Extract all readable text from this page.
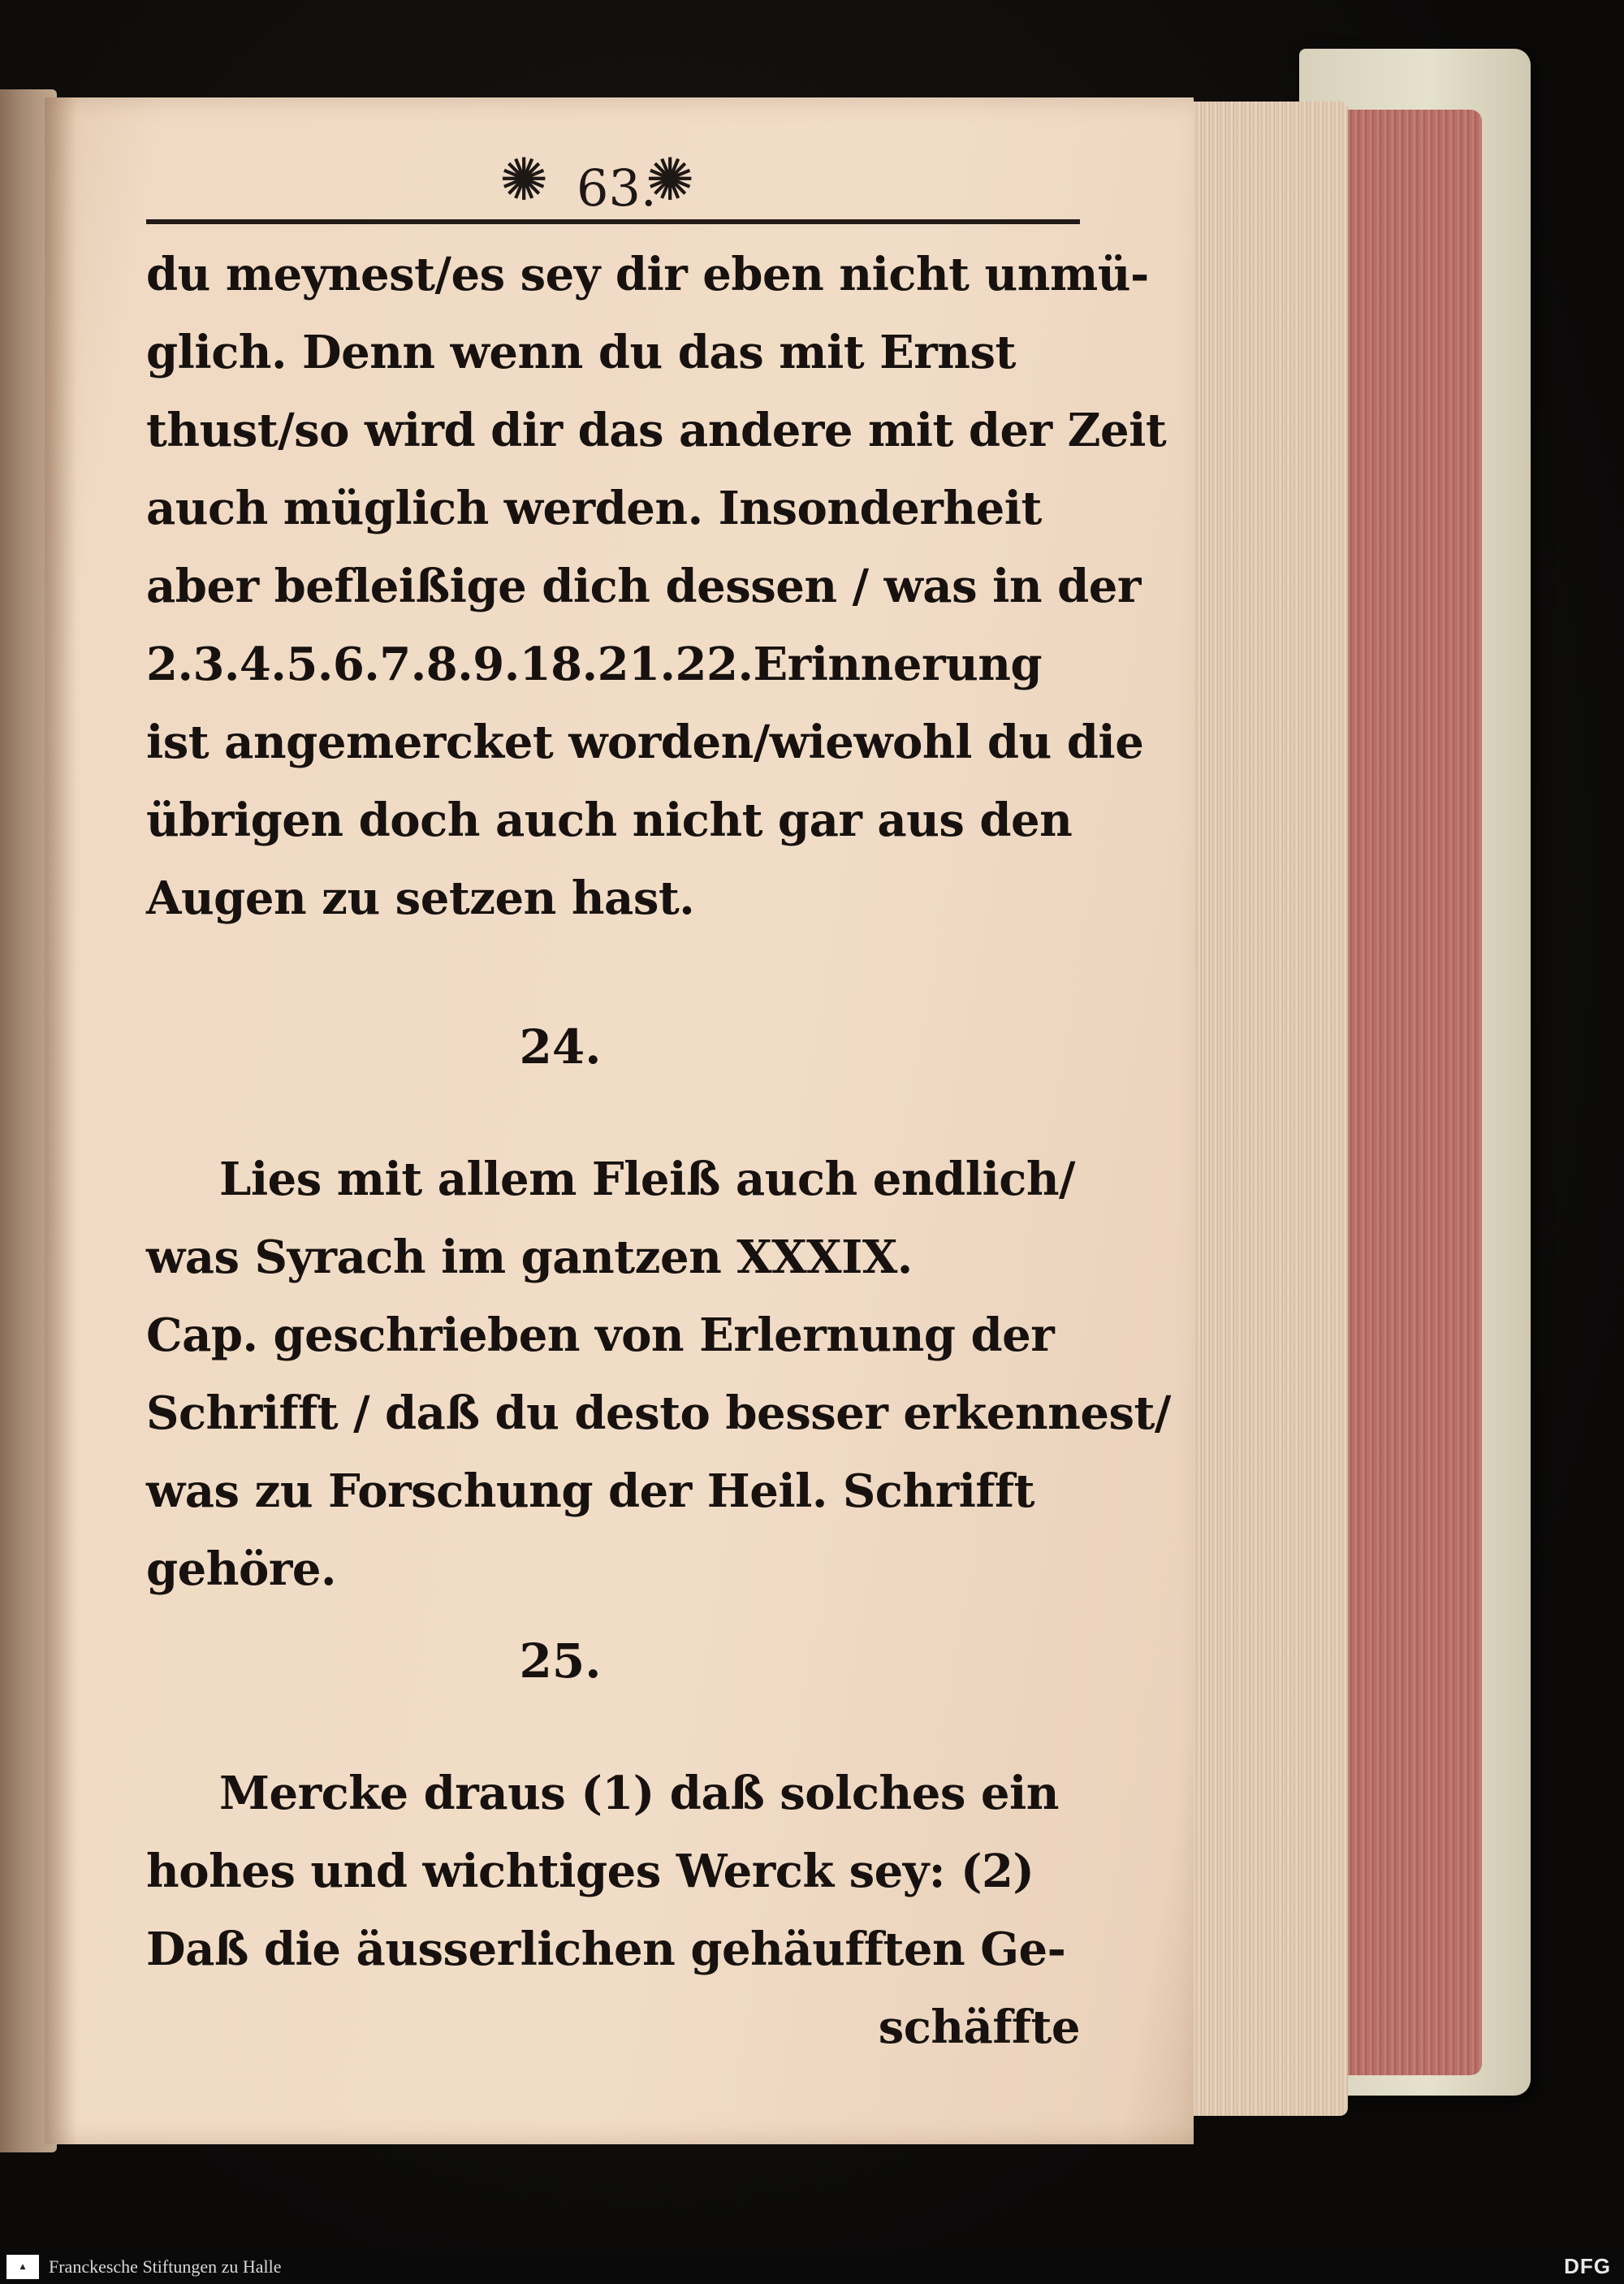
✺ 63.
✺
du meynest/es sey dir eben nicht unmü-
glich. Denn wenn du das mit Ernst
thust/so wird dir das andere mit der Zeit
auch müglich werden. Insonderheit
aber befleißige dich dessen / was in der
2.3.4.5.6.7.8.9.18.21.22.Erinnerung
ist angemercket worden/wiewohl du die
übrigen doch auch nicht gar aus den
Augen zu setzen hast.
24.
Lies mit allem Fleiß auch endlich/
was Syrach im gantzen XXXIX.
Cap. geschrieben von Erlernung der
Schrifft / daß du desto besser erkennest/
was zu Forschung der Heil. Schrifft
gehöre.
25.
Mercke draus (1) daß solches ein
hohes und wichtiges Werck sey: (2)
Daß die äusserlichen gehäufften Ge-
schäffte
▲	Franckesche Stiftungen zu Halle	DFG
